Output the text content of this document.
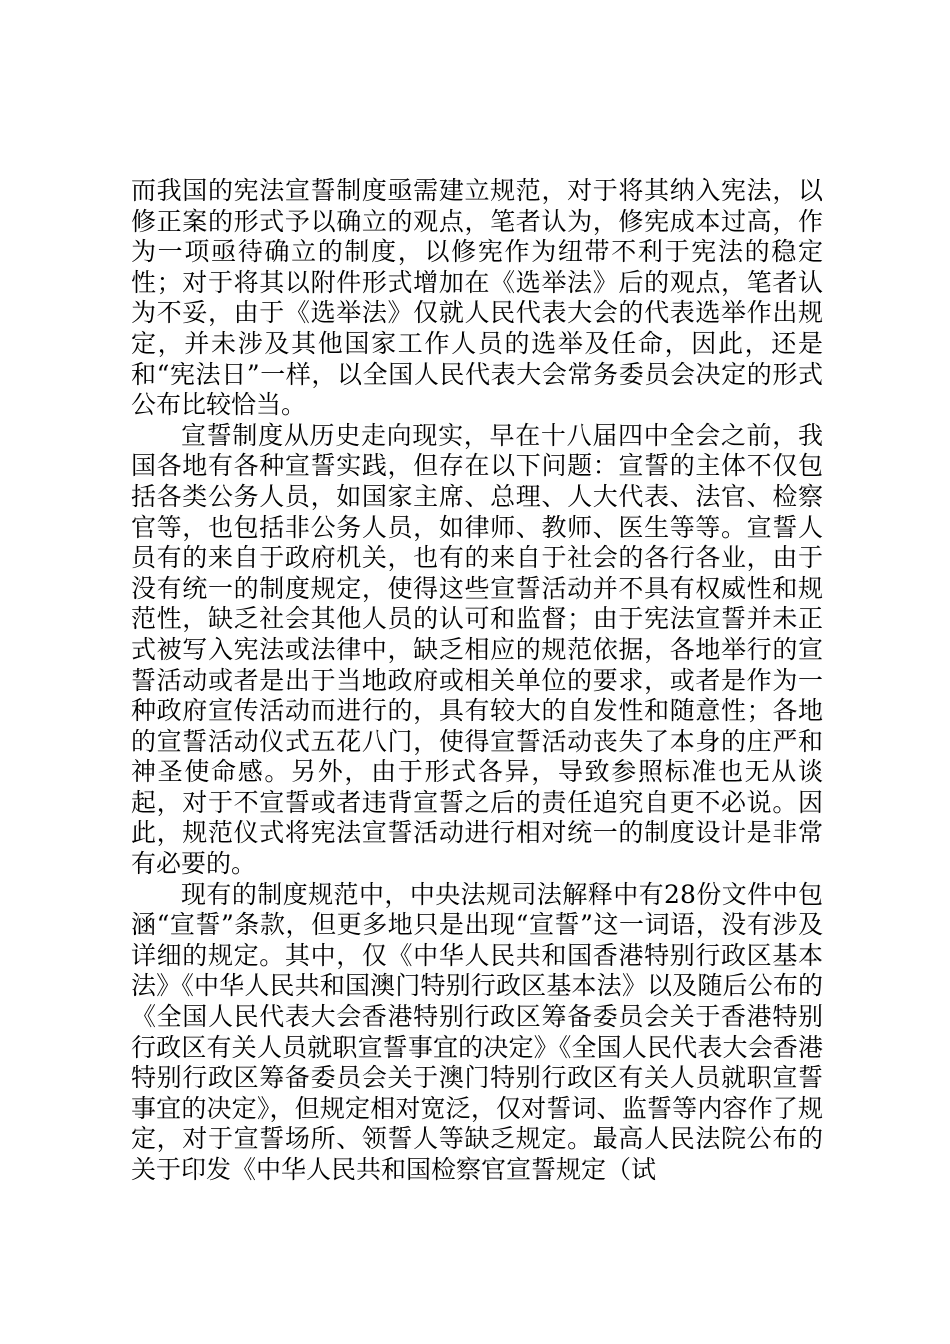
而我国的宪法宣誓制度亟需建立规范，对于将其纳入宪法，以修正案的形式予以确立的观点，笔者认为，修宪成本过高，作为一项亟待确立的制度，以修宪作为纽带不利于宪法的稳定性；对于将其以附件形式增加在《选举法》后的观点，笔者认为不妥，由于《选举法》仅就人民代表大会的代表选举作出规定，并未涉及其他国家工作人员的选举及任命，因此，还是和“宪法日”一样，以全国人民代表大会常务委员会决定的形式公布比较恰当。

宣誓制度从历史走向现实，早在十八届四中全会之前，我国各地有各种宣誓实践，但存在以下问题：宣誓的主体不仅包括各类公务人员，如国家主席、总理、人大代表、法官、检察官等，也包括非公务人员，如律师、教师、医生等等。宣誓人员有的来自于政府机关，也有的来自于社会的各行各业，由于没有统一的制度规定，使得这些宣誓活动并不具有权威性和规范性，缺乏社会其他人员的认可和监督；由于宪法宣誓并未正式被写入宪法或法律中，缺乏相应的规范依据，各地举行的宣誓活动或者是出于当地政府或相关单位的要求，或者是作为一种政府宣传活动而进行的，具有较大的自发性和随意性；各地的宣誓活动仪式五花八门，使得宣誓活动丧失了本身的庄严和神圣使命感。另外，由于形式各异，导致参照标准也无从谈起，对于不宣誓或者违背宣誓之后的责任追究自更不必说。因此，规范仪式将宪法宣誓活动进行相对统一的制度设计是非常有必要的。

现有的制度规范中，中央法规司法解释中有28份文件中包涵“宣誓”条款，但更多地只是出现“宣誓”这一词语，没有涉及详细的规定。其中，仅《中华人民共和国香港特别行政区基本法》《中华人民共和国澳门特别行政区基本法》以及随后公布的《全国人民代表大会香港特别行政区筹备委员会关于香港特别行政区有关人员就职宣誓事宜的决定》《全国人民代表大会香港特别行政区筹备委员会关于澳门特别行政区有关人员就职宣誓事宜的决定》，但规定相对宽泛，仅对誓词、监誓等内容作了规定，对于宣誓场所、领誓人等缺乏规定。最高人民法院公布的关于印发《中华人民共和国检察官宣誓规定（试
